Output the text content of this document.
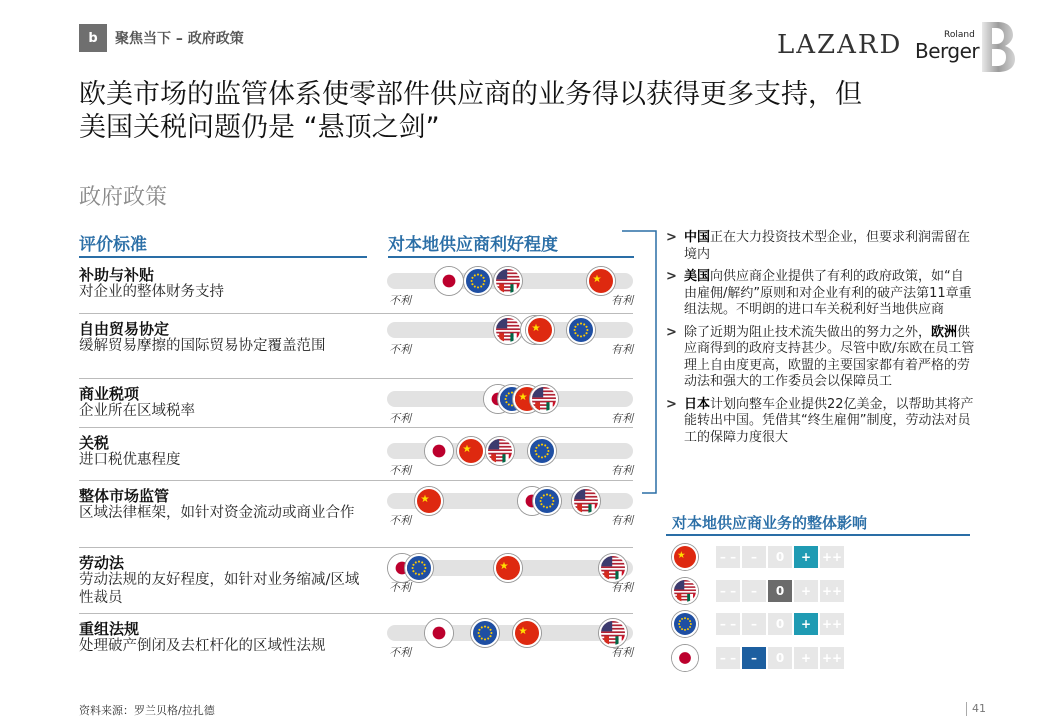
b	聚焦当下 – 政府政策	LAZARD	Roland
Berger
欧美市场的监管体系使零部件供应商的业务得以获得更多支持，但
美国关税问题仍是 “悬顶之剑”
政府政策
评价标准	对本地供应商利好程度
补助与补贴
对企业的整体财务支持
不利	有利
自由贸易协定
缓解贸易摩擦的国际贸易协定覆盖范围	不利	有利
商业税项
企业所在区域税率	不利	有利
关税
进口税优惠程度
不利	有利
整体市场监管
区域法律框架，如针对资金流动或商业合作	不利	有利
劳动法
劳动法规的友好程度，如针对业务缩减/区域性裁员
不利	有利
重组法规
处理破产倒闭及去杠杆化的区域性法规	不利	有利
> 中国正在大力投资技术型企业，但要求利润需留在境内
> 美国向供应商企业提供了有利的政府政策，如“自由雇佣/解约”原则和对企业有利的破产法第11章重组法规。不明朗的进口车关税利好当地供应商
> 除了近期为阻止技术流失做出的努力之外，欧洲供应商得到的政府支持甚少。尽管中欧/东欧在员工管理上自由度更高，欧盟的主要国家都有着严格的劳动法和强大的工作委员会以保障员工
> 日本计划向整车企业提供22亿美金，以帮助其将产能转出中国。凭借其“终生雇佣”制度，劳动法对员工的保障力度很大
对本地供应商业务的整体影响
– –	–	0	+ ++
– –	–	0	+ ++
– –	–	0	+ ++
– –	–	0	+ ++
资料来源：罗兰贝格/拉扎德	41
